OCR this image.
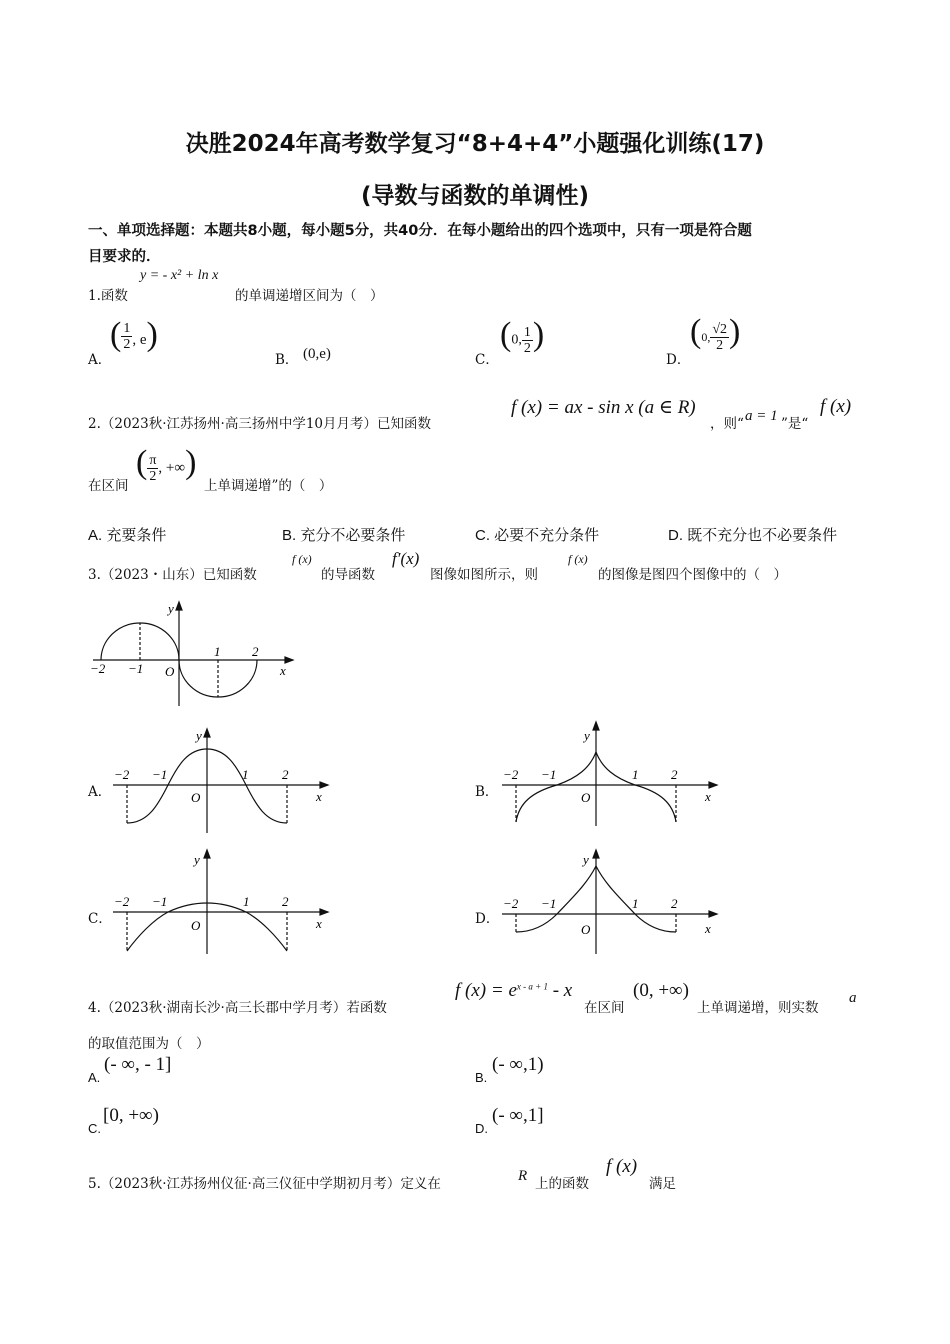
决胜2024年高考数学复习“8+4+4”小题强化训练(17)
(导数与函数的单调性)
一、单项选择题：本题共8小题，每小题5分，共40分．在每小题给出的四个选项中，只有一项是符合题
目要求的．
1.函数
y = - x² + ln x
的单调递增区间为（　）
A．
( $\frac{1}{2}$ , e)
B． (0,e)	C．
(0, $\frac{1}{2}$ )
D．
(0, $\frac{√2}{2}$ )
2.（2023秋·江苏扬州·高三扬州中学10月月考）已知函数
f (x) = ax - sin x (a ∈ R)
，则“ a = 1 ”是“
f (x)
在区间
( $\frac{\pi}{2}$ , +∞)
上单调递增”的（　）
A. 充要条件	B. 充分不必要条件	C. 必要不充分条件	D. 既不充分也不必要条件
3.（2023・山东）已知函数
f (x)
的导函数
f′(x)
图像如图所示，则
f (x)
的图像是图四个图像中的（　）
y
x
O
−2 −1
1 2
A．
y
x
O
−2 −1	1	2
B．
y
x
O
−2 −1	1	2
C．
y
x
O
−2 −1	1	2
D．
y
x
O
−2 −1	1	2
4.（2023秋·湖南长沙·高三长郡中学月考）若函数
f $(x) = e^{x - a + 1} - x$
在区间
(0, +∞)
上单调递增，则实数
a
的取值范围为（　）
A.
(- ∞, - 1]
B.
(- ∞,1)
C.
[0, +∞)
D.
(- ∞,1]
5.（2023秋·江苏扬州仪征·高三仪征中学期初月考）定义在	R 上的函数
f (x)
满足
